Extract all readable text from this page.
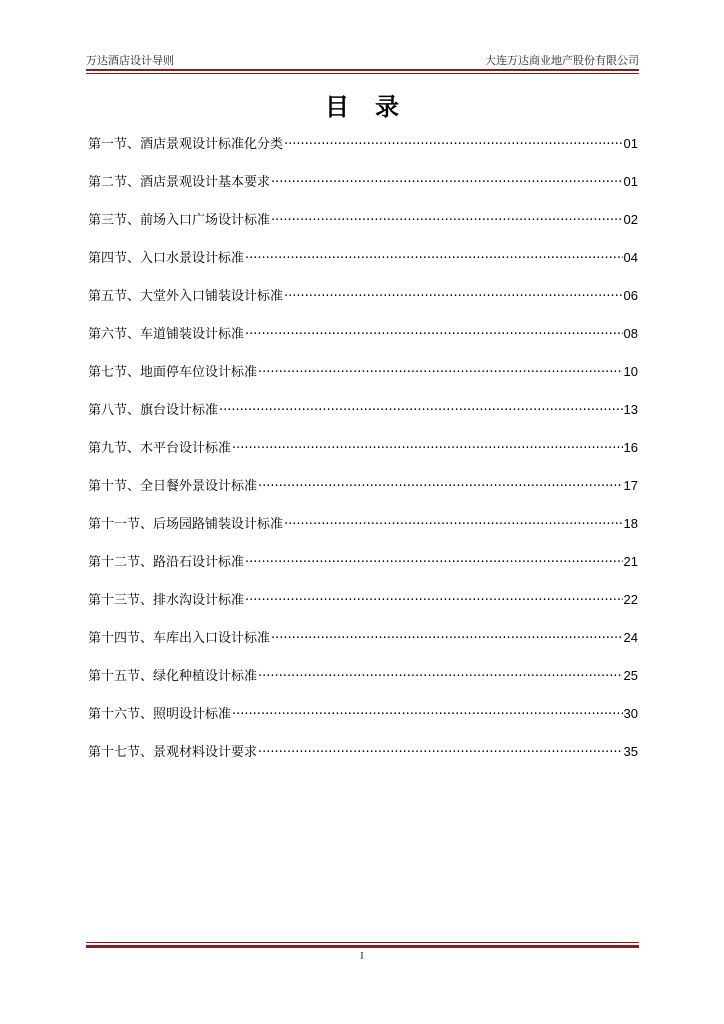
万达酒店设计导则	大连万达商业地产股份有限公司
目录
第一节、酒店景观设计标准化分类 ·····	01
第二节、酒店景观设计基本要求 ·····	01
第三节、前场入口广场设计标准 ·····	02
第四节、入口水景设计标准 ·····	04
第五节、大堂外入口铺装设计标准 ·····	06
第六节、车道铺装设计标准 ·····	08
第七节、地面停车位设计标准 ·····	10
第八节、旗台设计标准 ·····	13
第九节、木平台设计标准 ·····	16
第十节、全日餐外景设计标准 ·····	17
第十一节、后场园路铺装设计标准 ·····	18
第十二节、路沿石设计标准 ·····	21
第十三节、排水沟设计标准 ·····	22
第十四节、车库出入口设计标准 ·····	24
第十五节、绿化种植设计标准 ·····	25
第十六节、照明设计标准 ·····	30
第十七节、景观材料设计要求 ·····	35
I
